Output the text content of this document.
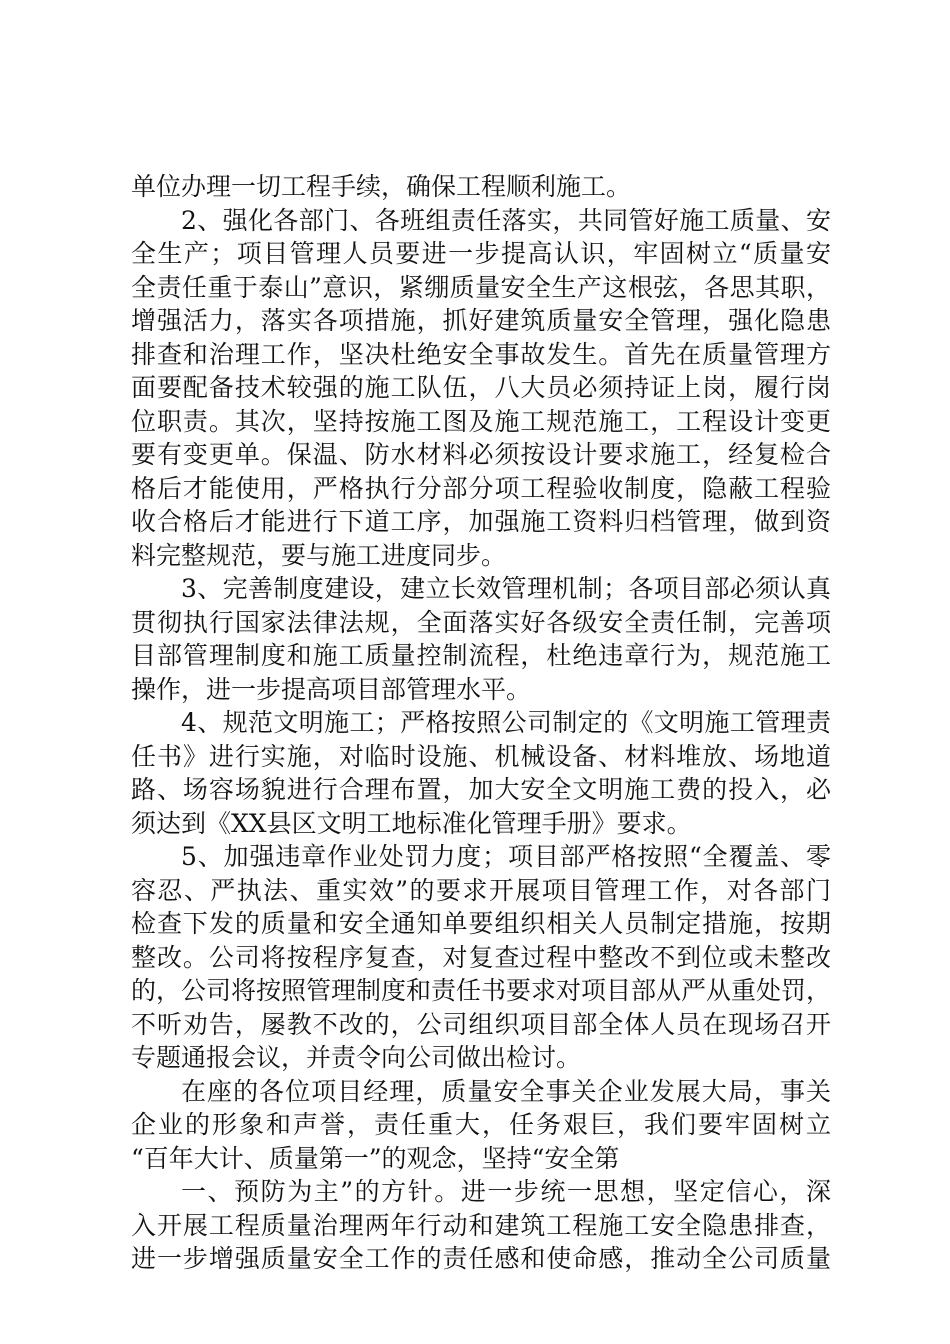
单位办理一切工程手续，确保工程顺利施工。
2、强化各部门、各班组责任落实，共同管好施工质量、安
全生产；项目管理人员要进一步提高认识，牢固树立“质量安
全责任重于泰山”意识，紧绷质量安全生产这根弦，各思其职，
增强活力，落实各项措施，抓好建筑质量安全管理，强化隐患
排查和治理工作，坚决杜绝安全事故发生。首先在质量管理方
面要配备技术较强的施工队伍，八大员必须持证上岗，履行岗
位职责。其次，坚持按施工图及施工规范施工，工程设计变更
要有变更单。保温、防水材料必须按设计要求施工，经复检合
格后才能使用，严格执行分部分项工程验收制度，隐蔽工程验
收合格后才能进行下道工序，加强施工资料归档管理，做到资
料完整规范，要与施工进度同步。
3、完善制度建设，建立长效管理机制；各项目部必须认真
贯彻执行国家法律法规，全面落实好各级安全责任制，完善项
目部管理制度和施工质量控制流程，杜绝违章行为，规范施工
操作，进一步提高项目部管理水平。
4、规范文明施工；严格按照公司制定的《文明施工管理责
任书》进行实施，对临时设施、机械设备、材料堆放、场地道
路、场容场貌进行合理布置，加大安全文明施工费的投入，必
须达到《XX县区文明工地标准化管理手册》要求。
5、加强违章作业处罚力度；项目部严格按照“全覆盖、零
容忍、严执法、重实效”的要求开展项目管理工作，对各部门
检查下发的质量和安全通知单要组织相关人员制定措施，按期
整改。公司将按程序复查，对复查过程中整改不到位或未整改
的，公司将按照管理制度和责任书要求对项目部从严从重处罚，
不听劝告，屡教不改的，公司组织项目部全体人员在现场召开
专题通报会议，并责令向公司做出检讨。
在座的各位项目经理，质量安全事关企业发展大局，事关
企业的形象和声誉，责任重大，任务艰巨，我们要牢固树立
“百年大计、质量第一”的观念，坚持“安全第
一、预防为主”的方针。进一步统一思想，坚定信心，深
入开展工程质量治理两年行动和建筑工程施工安全隐患排查，
进一步增强质量安全工作的责任感和使命感，推动全公司质量
